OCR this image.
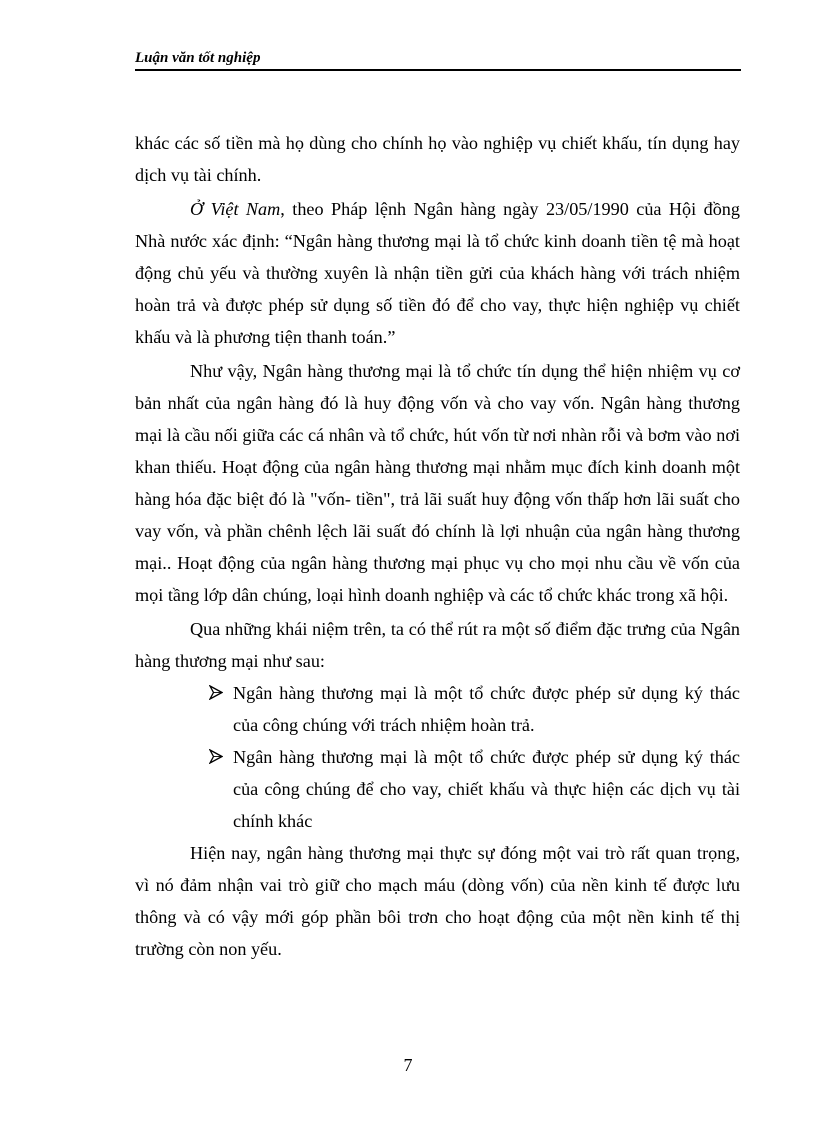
Luận văn tốt nghiệp

khác các số tiền mà họ dùng cho chính họ vào nghiệp vụ chiết khấu, tín dụng hay dịch vụ tài chính.

Ở Việt Nam, theo Pháp lệnh Ngân hàng ngày 23/05/1990 của Hội đồng Nhà nước xác định: “Ngân hàng thương mại là tổ chức kinh doanh tiền tệ mà hoạt động chủ yếu và thường xuyên là nhận tiền gửi của khách hàng với trách nhiệm hoàn trả và được phép sử dụng số tiền đó để cho vay, thực hiện nghiệp vụ chiết khấu và là phương tiện thanh toán.”

Như vậy, Ngân hàng thương mại là tổ chức tín dụng thể hiện nhiệm vụ cơ bản nhất của ngân hàng đó là huy động vốn và cho vay vốn. Ngân hàng thương mại là cầu nối giữa các cá nhân và tổ chức, hút vốn từ nơi nhàn rỗi và bơm vào nơi khan thiếu. Hoạt động của ngân hàng thương mại nhằm mục đích kinh doanh một hàng hóa đặc biệt đó là "vốn- tiền", trả lãi suất huy động vốn thấp hơn lãi suất cho vay vốn, và phần chênh lệch lãi suất đó chính là lợi nhuận của ngân hàng thương mại.. Hoạt động của ngân hàng thương mại phục vụ cho mọi nhu cầu về vốn của mọi tầng lớp dân chúng, loại hình doanh nghiệp và các tổ chức khác trong xã hội.

Qua những khái niệm trên, ta có thể rút ra một số điểm đặc trưng của Ngân hàng thương mại như sau:

Ngân hàng thương mại là một tổ chức được phép sử dụng ký thác của công chúng với trách nhiệm hoàn trả.
Ngân hàng thương mại là một tổ chức được phép sử dụng ký thác của công chúng để cho vay, chiết khấu và thực hiện các dịch vụ tài chính khác

Hiện nay, ngân hàng thương mại thực sự đóng một vai trò rất quan trọng, vì nó đảm nhận vai trò giữ cho mạch máu (dòng vốn) của nền kinh tế được lưu thông và có vậy mới góp phần bôi trơn cho hoạt động của một nền kinh tế thị trường còn non yếu.

7
